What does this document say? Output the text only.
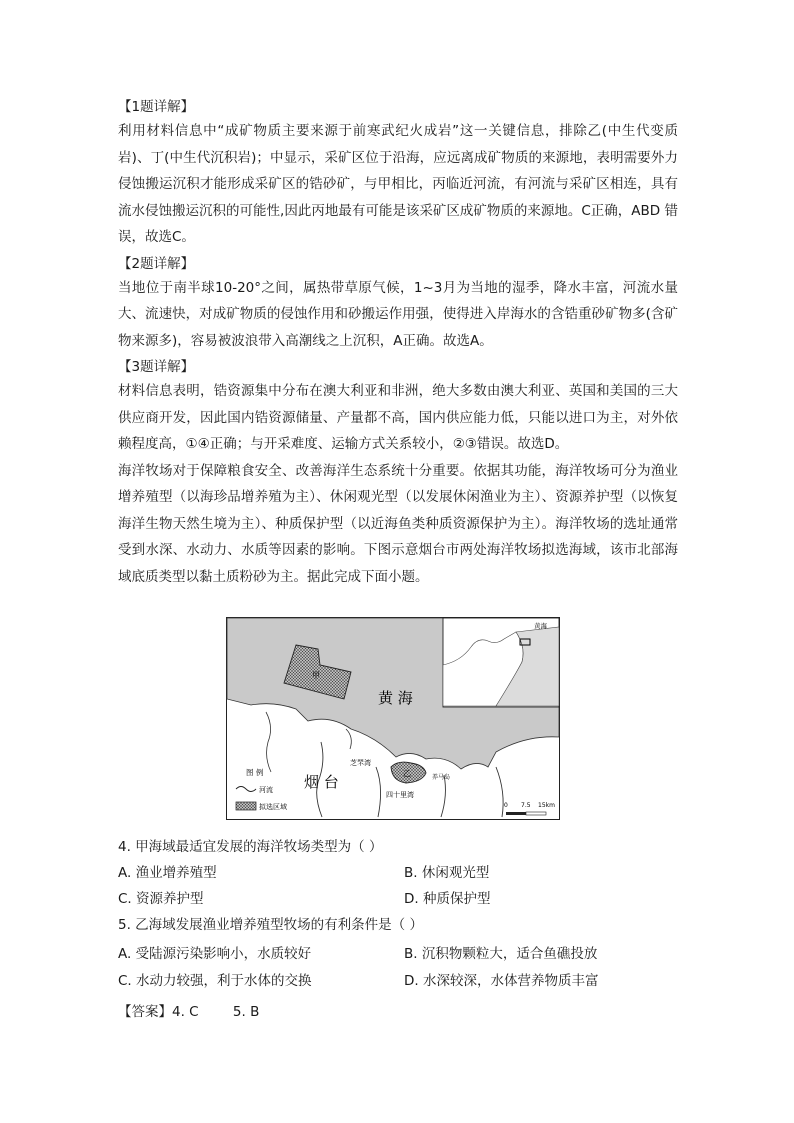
【1题详解】

利用材料信息中“成矿物质主要来源于前寒武纪火成岩”这一关键信息，排除乙(中生代变质岩)、丁(中生代沉积岩)；中显示，采矿区位于沿海，应远离成矿物质的来源地，表明需要外力侵蚀搬运沉积才能形成采矿区的锆砂矿，与甲相比，丙临近河流，有河流与采矿区相连，具有流水侵蚀搬运沉积的可能性,因此丙地最有可能是该采矿区成矿物质的来源地。C正确，ABD 错误，故选C。

【2题详解】

当地位于南半球10-20°之间，属热带草原气候，1~3月为当地的湿季，降水丰富，河流水量大、流速快，对成矿物质的侵蚀作用和砂搬运作用强，使得进入岸海水的含锆重砂矿物多(含矿物来源多)，容易被波浪带入高潮线之上沉积，A正确。故选A。

【3题详解】

材料信息表明，锆资源集中分布在澳大利亚和非洲，绝大多数由澳大利亚、英国和美国的三大供应商开发，因此国内锆资源储量、产量都不高，国内供应能力低，只能以进口为主，对外依赖程度高，①④正确；与开采难度、运输方式关系较小，②③错误。故选D。

海洋牧场对于保障粮食安全、改善海洋生态系统十分重要。依据其功能，海洋牧场可分为渔业增养殖型（以海珍品增养殖为主）、休闲观光型（以发展休闲渔业为主）、资源养护型（以恢复海洋生物天然生境为主）、种质保护型（以近海鱼类种质资源保护为主）。海洋牧场的选址通常受到水深、水动力、水质等因素的影响。下图示意烟台市两处海洋牧场拟选海域，该市北部海域底质类型以黏土质粉砂为主。据此完成下面小题。

甲
乙
黄 海
烟 台
芝罘湾
四十里湾
养马岛
黄海
图 例
河流
拟选区域	0 7.5 15km
4. 甲海域最适宜发展的海洋牧场类型为（ ）
A. 渔业增养殖型	B. 休闲观光型
C. 资源养护型	D. 种质保护型
5. 乙海域发展渔业增养殖型牧场的有利条件是（ ）
A. 受陆源污染影响小，水质较好	B. 沉积物颗粒大，适合鱼礁投放
C. 水动力较强，利于水体的交换	D. 水深较深，水体营养物质丰富
【答案】4. C        5. B
